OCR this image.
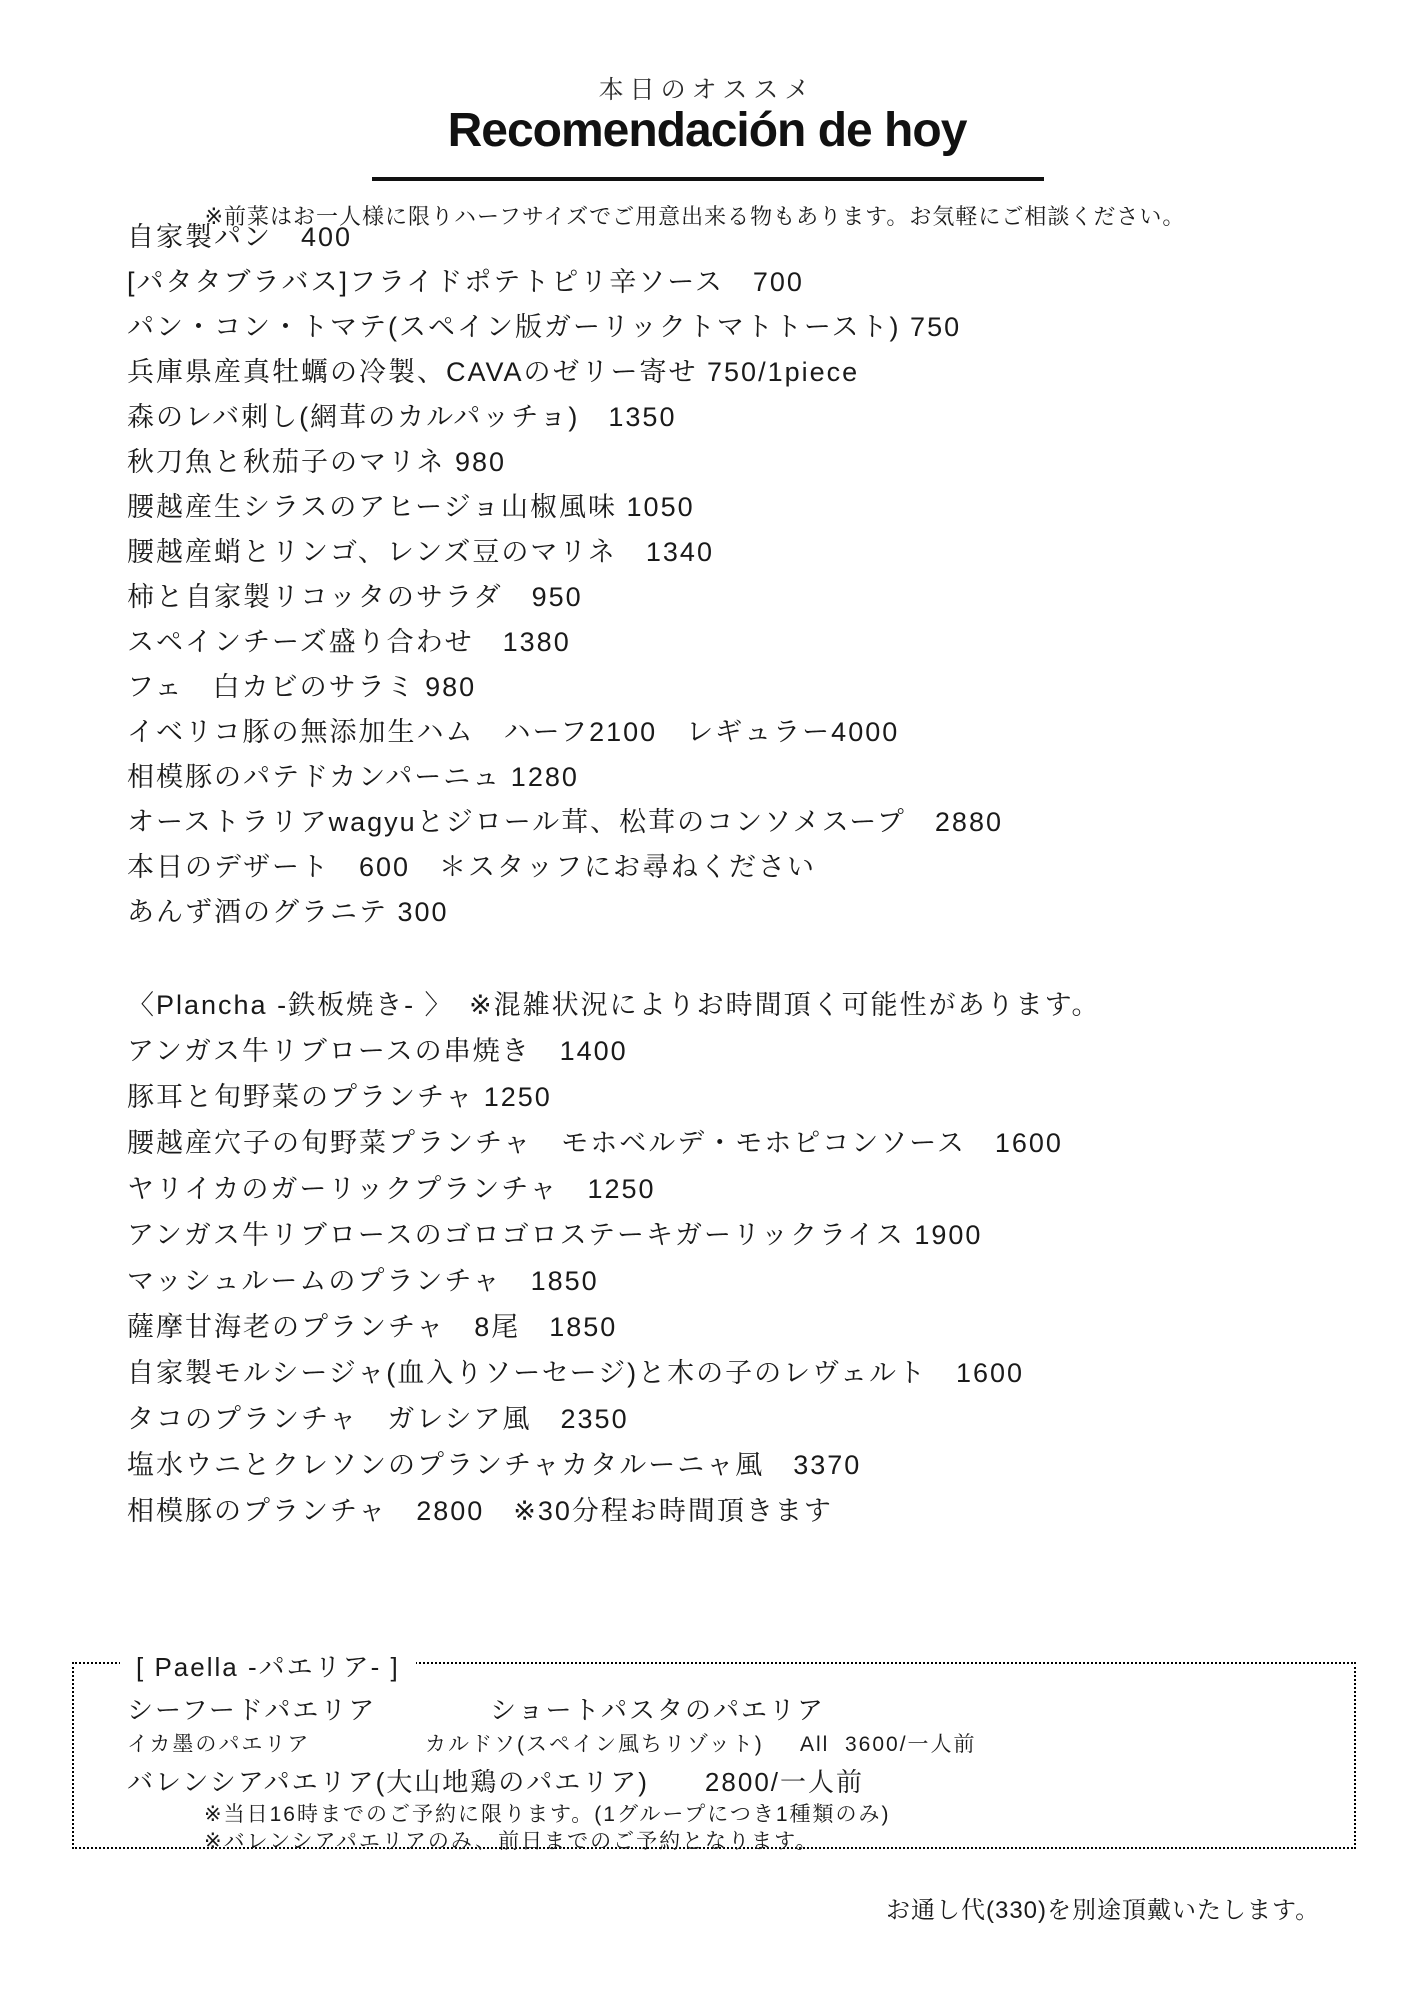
本日のオススメ
Recomendación de hoy
※前菜はお一人様に限りハーフサイズでご用意出来る物もあります。お気軽にご相談ください。
自家製パン　400
[パタタブラバス]フライドポテトピリ辛ソース　700
パン・コン・トマテ(スペイン版ガーリックトマトトースト) 750
兵庫県産真牡蠣の冷製、CAVAのゼリー寄せ 750/1piece
森のレバ刺し(網茸のカルパッチョ)　1350
秋刀魚と秋茄子のマリネ 980
腰越産生シラスのアヒージョ山椒風味 1050
腰越産蛸とリンゴ、レンズ豆のマリネ　1340
柿と自家製リコッタのサラダ　950
スペインチーズ盛り合わせ　1380
フェ　白カビのサラミ 980
イベリコ豚の無添加生ハム　ハーフ2100　レギュラー4000
相模豚のパテドカンパーニュ 1280
オーストラリアwagyuとジロール茸、松茸のコンソメスープ　2880
本日のデザート　600　＊スタッフにお尋ねください
あんず酒のグラニテ 300
〈Plancha -鉄板焼き- 〉　※混雑状況によりお時間頂く可能性があります。
アンガス牛リブロースの串焼き　1400
豚耳と旬野菜のプランチャ 1250
腰越産穴子の旬野菜プランチャ　モホベルデ・モホピコンソース　1600
ヤリイカのガーリックプランチャ　1250
アンガス牛リブロースのゴロゴロステーキガーリックライス 1900
マッシュルームのプランチャ　1850
薩摩甘海老のプランチャ　8尾　1850
自家製モルシージャ(血入りソーセージ)と木の子のレヴェルト　1600
タコのプランチャ　ガレシア風　2350
塩水ウニとクレソンのプランチャカタルーニャ風　3370
相模豚のプランチャ　2800　※30分程お時間頂きます
[ Paella -パエリア- ]
シーフードパエリア	ショートパスタのパエリア
イカ墨のパエリア	カルドソ(スペイン風ちリゾット) All  3600/一人前
バレンシアパエリア(大山地鶏のパエリア)　　2800/一人前
※当日16時までのご予約に限ります。(1グループにつき1種類のみ)
※バレンシアパエリアのみ、前日までのご予約となります。
お通し代(330)を別途頂戴いたします。
